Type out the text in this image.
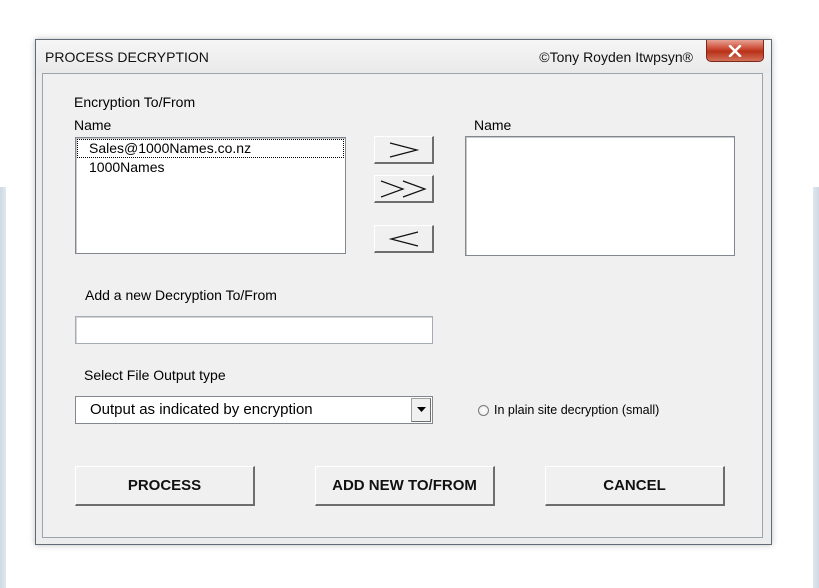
PROCESS DECRYPTION	©Tony Royden Itwpsyn®
Encryption To/From
Name
Sales@1000Names.co.nz
1000Names
Name
Add a new Decryption To/From
Select File Output type
Output as indicated by encryption	In plain site decryption (small)
PROCESS	ADD NEW TO/FROM	CANCEL
